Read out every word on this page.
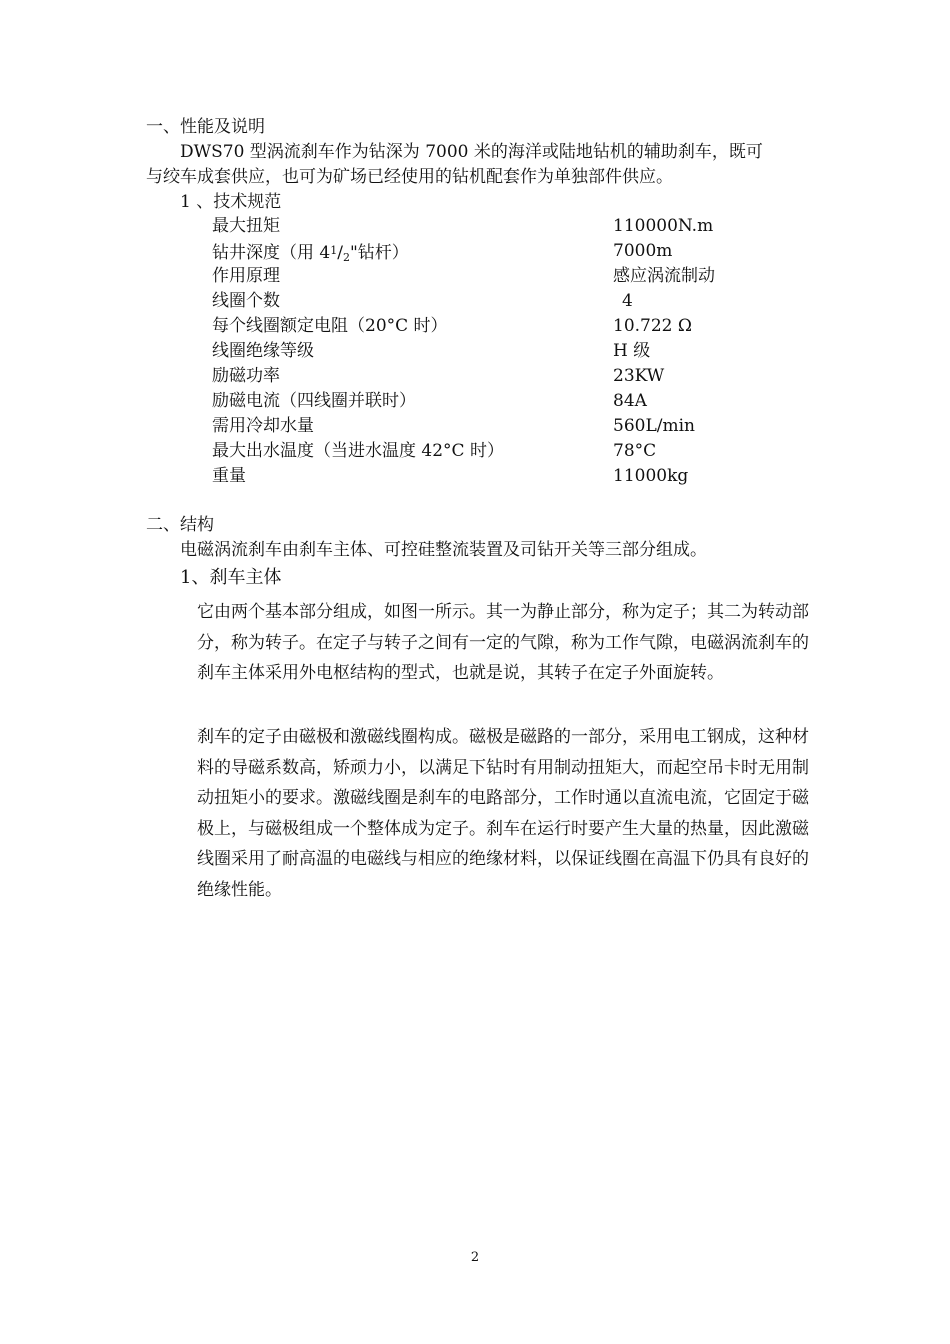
一、性能及说明
DWS70 型涡流刹车作为钻深为 7000 米的海洋或陆地钻机的辅助刹车，既可
与绞车成套供应，也可为矿场已经使用的钻机配套作为单独部件供应。
1 、技术规范
最大扭矩	110000N.m
钻井深度（用 $4^1/_2$"钻杆）	7000m
作用原理	感应涡流制动
线圈个数	4
每个线圈额定电阻（20°C 时）	10.722 Ω
线圈绝缘等级	H 级
励磁功率	23KW
励磁电流（四线圈并联时）	84A
需用冷却水量	560L/min
最大出水温度（当进水温度 42°C 时）	78°C
重量	11000kg
二、结构
电磁涡流刹车由刹车主体、可控硅整流装置及司钻开关等三部分组成。
1、刹车主体
它由两个基本部分组成，如图一所示。其一为静止部分，称为定子；其二为转动部分，称为转子。在定子与转子之间有一定的气隙，称为工作气隙，电磁涡流刹车的刹车主体采用外电枢结构的型式，也就是说，其转子在定子外面旋转。
刹车的定子由磁极和激磁线圈构成。磁极是磁路的一部分，采用电工钢成，这种材料的导磁系数高，矫顽力小，以满足下钻时有用制动扭矩大，而起空吊卡时无用制动扭矩小的要求。激磁线圈是刹车的电路部分，工作时通以直流电流，它固定于磁极上，与磁极组成一个整体成为定子。刹车在运行时要产生大量的热量，因此激磁线圈采用了耐高温的电磁线与相应的绝缘材料，以保证线圈在高温下仍具有良好的绝缘性能。
2
